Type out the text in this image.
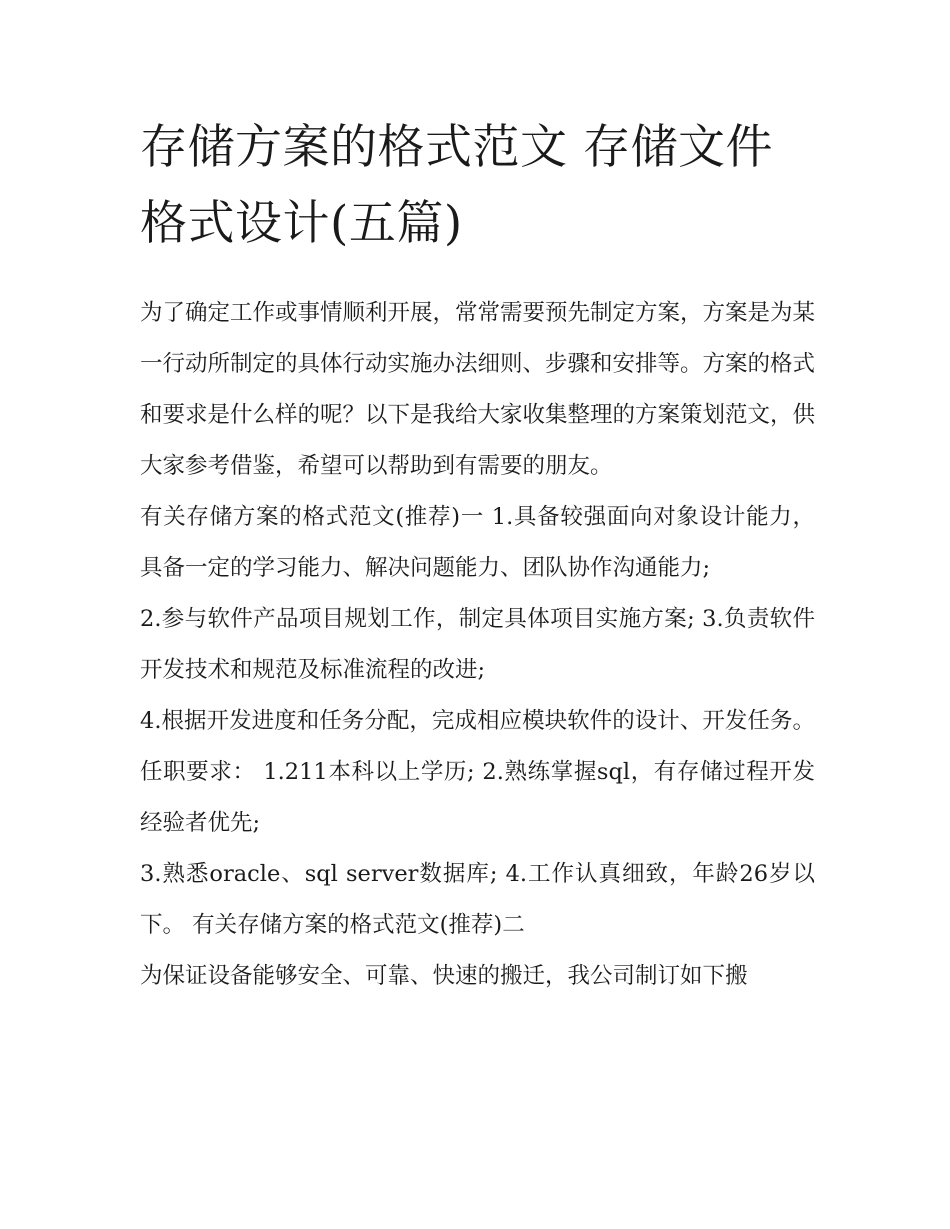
存储方案的格式范文 存储文件格式设计(五篇)

为了确定工作或事情顺利开展，常常需要预先制定方案，方案是为某一行动所制定的具体行动实施办法细则、步骤和安排等。方案的格式和要求是什么样的呢？以下是我给大家收集整理的方案策划范文，供大家参考借鉴，希望可以帮助到有需要的朋友。

有关存储方案的格式范文(推荐)一 1.具备较强面向对象设计能力，具备一定的学习能力、解决问题能力、团队协作沟通能力;

2.参与软件产品项目规划工作，制定具体项目实施方案; 3.负责软件开发技术和规范及标准流程的改进;

4.根据开发进度和任务分配，完成相应模块软件的设计、开发任务。 任职要求： 1.211本科以上学历; 2.熟练掌握sql，有存储过程开发经验者优先;

3.熟悉oracle、sql server数据库; 4.工作认真细致，年龄26岁以下。 有关存储方案的格式范文(推荐)二

为保证设备能够安全、可靠、快速的搬迁，我公司制订如下搬
